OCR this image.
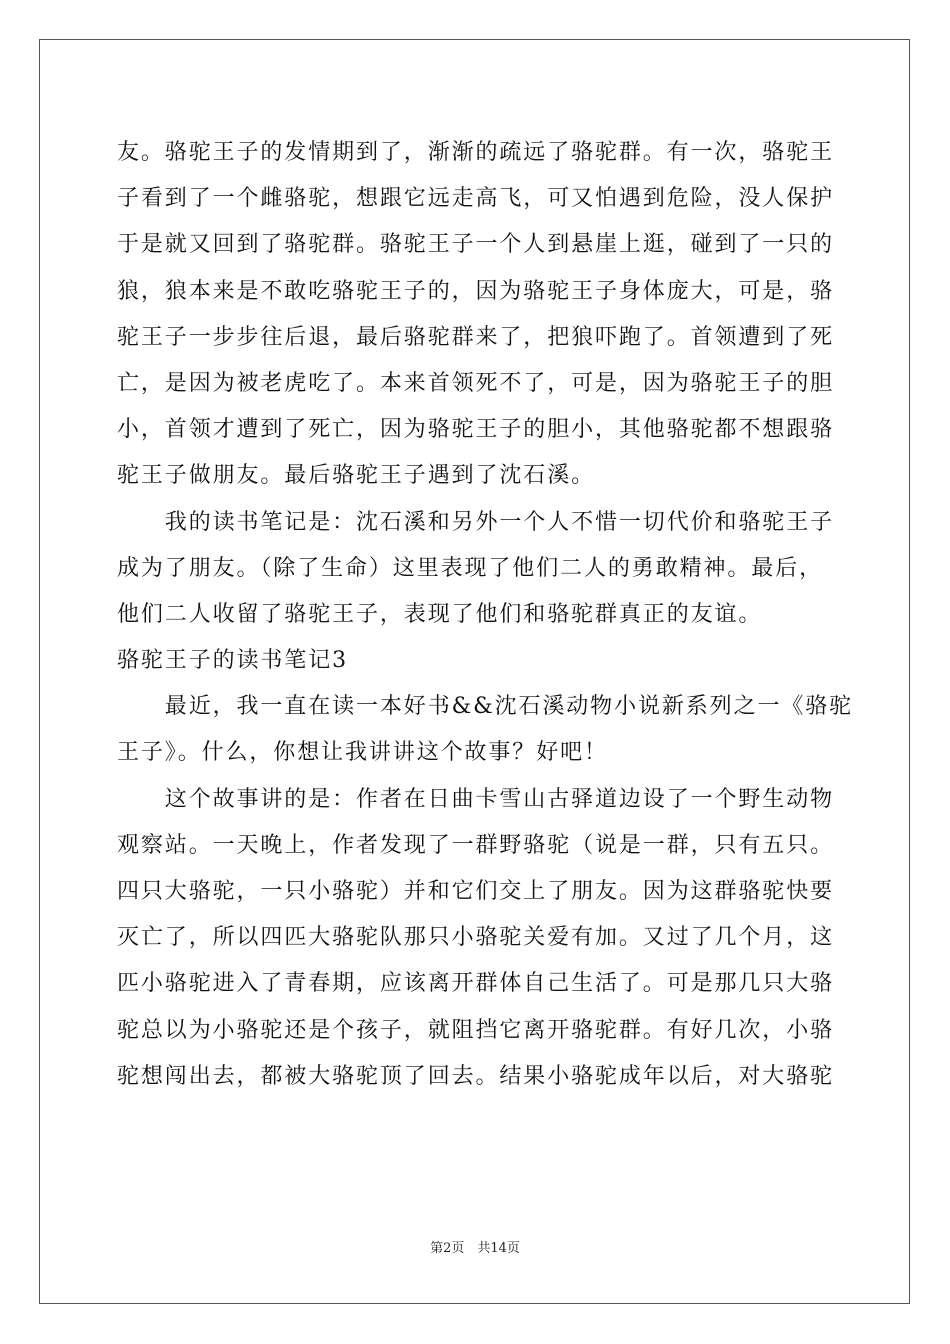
友。骆驼王子的发情期到了，渐渐的疏远了骆驼群。有一次，骆驼王
子看到了一个雌骆驼，想跟它远走高飞，可又怕遇到危险，没人保护
于是就又回到了骆驼群。骆驼王子一个人到悬崖上逛，碰到了一只的
狼，狼本来是不敢吃骆驼王子的，因为骆驼王子身体庞大，可是，骆
驼王子一步步往后退，最后骆驼群来了，把狼吓跑了。首领遭到了死
亡，是因为被老虎吃了。本来首领死不了，可是，因为骆驼王子的胆
小，首领才遭到了死亡，因为骆驼王子的胆小，其他骆驼都不想跟骆
驼王子做朋友。最后骆驼王子遇到了沈石溪。
　　我的读书笔记是：沈石溪和另外一个人不惜一切代价和骆驼王子
成为了朋友。（除了生命）这里表现了他们二人的勇敢精神。最后，
他们二人收留了骆驼王子，表现了他们和骆驼群真正的友谊。
骆驼王子的读书笔记3
　　最近，我一直在读一本好书&&沈石溪动物小说新系列之一《骆驼
王子》。什么，你想让我讲讲这个故事？好吧！
　　这个故事讲的是：作者在日曲卡雪山古驿道边设了一个野生动物
观察站。一天晚上，作者发现了一群野骆驼（说是一群，只有五只。
四只大骆驼，一只小骆驼）并和它们交上了朋友。因为这群骆驼快要
灭亡了，所以四匹大骆驼队那只小骆驼关爱有加。又过了几个月，这
匹小骆驼进入了青春期，应该离开群体自己生活了。可是那几只大骆
驼总以为小骆驼还是个孩子，就阻挡它离开骆驼群。有好几次，小骆
驼想闯出去，都被大骆驼顶了回去。结果小骆驼成年以后，对大骆驼
第2页　共14页
